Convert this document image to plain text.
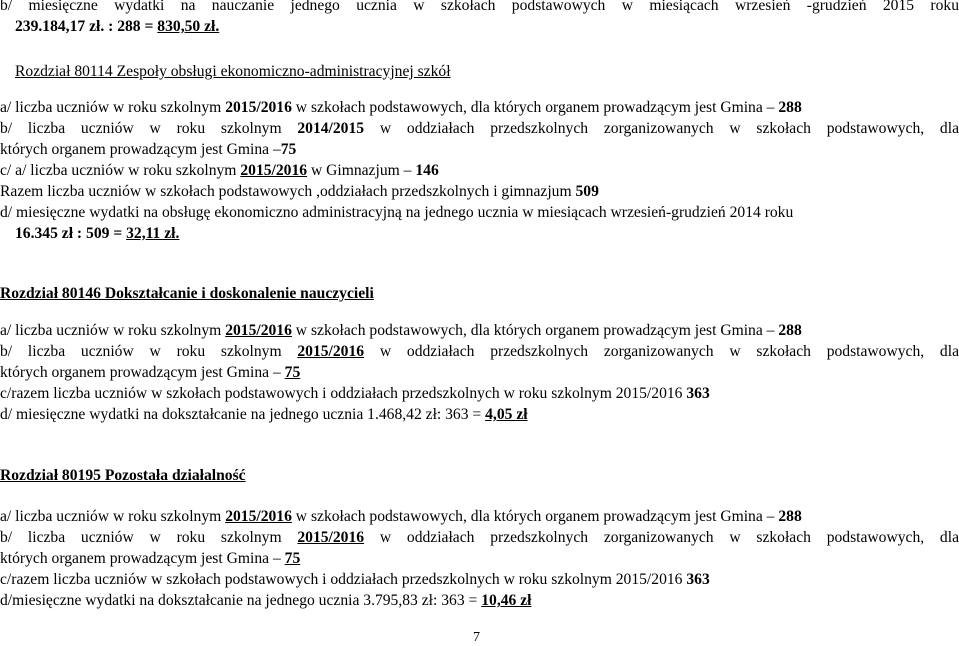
b/ miesięczne wydatki na nauczanie jednego ucznia w szkołach podstawowych w miesiącach wrzesień -grudzień 2015 roku
239.184,17 zł. : 288 = 830,50 zł.
Rozdział 80114 Zespoły obsługi ekonomiczno-administracyjnej szkół
a/ liczba uczniów w roku szkolnym 2015/2016 w szkołach podstawowych, dla których organem prowadzącym jest Gmina – 288
b/ liczba uczniów w roku szkolnym 2014/2015 w oddziałach przedszkolnych zorganizowanych w szkołach podstawowych, dla
których organem prowadzącym jest Gmina –75
c/ a/ liczba uczniów w roku szkolnym 2015/2016 w Gimnazjum – 146
Razem liczba uczniów w szkołach podstawowych ,oddziałach przedszkolnych i gimnazjum 509
d/ miesięczne wydatki na obsługę ekonomiczno administracyjną na jednego ucznia w miesiącach wrzesień-grudzień 2014 roku
16.345 zł : 509 = 32,11 zł.
Rozdział 80146 Dokształcanie i doskonalenie nauczycieli
a/ liczba uczniów w roku szkolnym 2015/2016 w szkołach podstawowych, dla których organem prowadzącym jest Gmina – 288
b/ liczba uczniów w roku szkolnym 2015/2016 w oddziałach przedszkolnych zorganizowanych w szkołach podstawowych, dla
których organem prowadzącym jest Gmina – 75
c/razem liczba uczniów w szkołach podstawowych i oddziałach przedszkolnych w roku szkolnym 2015/2016 363
d/ miesięczne wydatki na dokształcanie na jednego ucznia 1.468,42 zł: 363 = 4,05 zł
Rozdział 80195 Pozostała działalność
a/ liczba uczniów w roku szkolnym 2015/2016 w szkołach podstawowych, dla których organem prowadzącym jest Gmina – 288
b/ liczba uczniów w roku szkolnym 2015/2016 w oddziałach przedszkolnych zorganizowanych w szkołach podstawowych, dla
których organem prowadzącym jest Gmina – 75
c/razem liczba uczniów w szkołach podstawowych i oddziałach przedszkolnych w roku szkolnym 2015/2016 363
d/miesięczne wydatki na dokształcanie na jednego ucznia 3.795,83 zł: 363 = 10,46 zł
7
